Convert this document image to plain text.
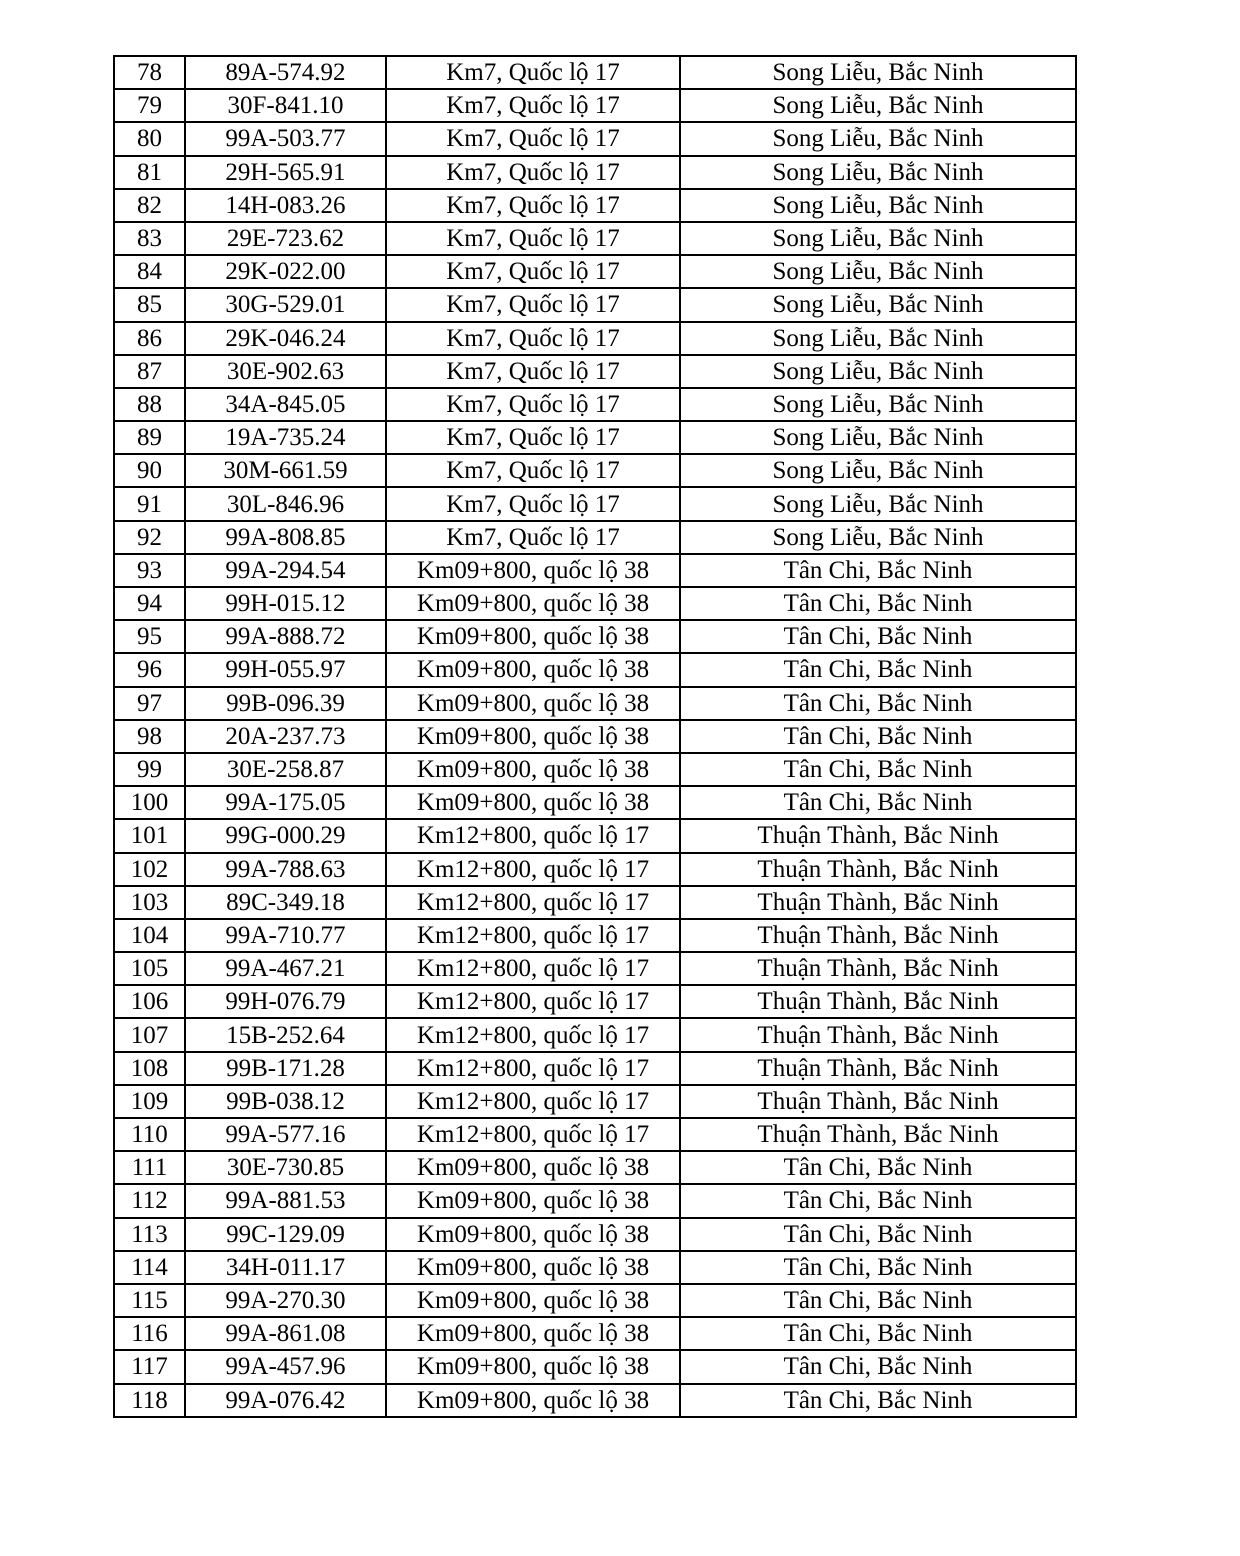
78	89A-574.92	Km7, Quốc lộ 17	Song Liễu, Bắc Ninh
79	30F-841.10	Km7, Quốc lộ 17	Song Liễu, Bắc Ninh
80	99A-503.77	Km7, Quốc lộ 17	Song Liễu, Bắc Ninh
81	29H-565.91	Km7, Quốc lộ 17	Song Liễu, Bắc Ninh
82	14H-083.26	Km7, Quốc lộ 17	Song Liễu, Bắc Ninh
83	29E-723.62	Km7, Quốc lộ 17	Song Liễu, Bắc Ninh
84	29K-022.00	Km7, Quốc lộ 17	Song Liễu, Bắc Ninh
85	30G-529.01	Km7, Quốc lộ 17	Song Liễu, Bắc Ninh
86	29K-046.24	Km7, Quốc lộ 17	Song Liễu, Bắc Ninh
87	30E-902.63	Km7, Quốc lộ 17	Song Liễu, Bắc Ninh
88	34A-845.05	Km7, Quốc lộ 17	Song Liễu, Bắc Ninh
89	19A-735.24	Km7, Quốc lộ 17	Song Liễu, Bắc Ninh
90	30M-661.59	Km7, Quốc lộ 17	Song Liễu, Bắc Ninh
91	30L-846.96	Km7, Quốc lộ 17	Song Liễu, Bắc Ninh
92	99A-808.85	Km7, Quốc lộ 17	Song Liễu, Bắc Ninh
93	99A-294.54	Km09+800, quốc lộ 38	Tân Chi, Bắc Ninh
94	99H-015.12	Km09+800, quốc lộ 38	Tân Chi, Bắc Ninh
95	99A-888.72	Km09+800, quốc lộ 38	Tân Chi, Bắc Ninh
96	99H-055.97	Km09+800, quốc lộ 38	Tân Chi, Bắc Ninh
97	99B-096.39	Km09+800, quốc lộ 38	Tân Chi, Bắc Ninh
98	20A-237.73	Km09+800, quốc lộ 38	Tân Chi, Bắc Ninh
99	30E-258.87	Km09+800, quốc lộ 38	Tân Chi, Bắc Ninh
100	99A-175.05	Km09+800, quốc lộ 38	Tân Chi, Bắc Ninh
101	99G-000.29	Km12+800, quốc lộ 17	Thuận Thành, Bắc Ninh
102	99A-788.63	Km12+800, quốc lộ 17	Thuận Thành, Bắc Ninh
103	89C-349.18	Km12+800, quốc lộ 17	Thuận Thành, Bắc Ninh
104	99A-710.77	Km12+800, quốc lộ 17	Thuận Thành, Bắc Ninh
105	99A-467.21	Km12+800, quốc lộ 17	Thuận Thành, Bắc Ninh
106	99H-076.79	Km12+800, quốc lộ 17	Thuận Thành, Bắc Ninh
107	15B-252.64	Km12+800, quốc lộ 17	Thuận Thành, Bắc Ninh
108	99B-171.28	Km12+800, quốc lộ 17	Thuận Thành, Bắc Ninh
109	99B-038.12	Km12+800, quốc lộ 17	Thuận Thành, Bắc Ninh
110	99A-577.16	Km12+800, quốc lộ 17	Thuận Thành, Bắc Ninh
111	30E-730.85	Km09+800, quốc lộ 38	Tân Chi, Bắc Ninh
112	99A-881.53	Km09+800, quốc lộ 38	Tân Chi, Bắc Ninh
113	99C-129.09	Km09+800, quốc lộ 38	Tân Chi, Bắc Ninh
114	34H-011.17	Km09+800, quốc lộ 38	Tân Chi, Bắc Ninh
115	99A-270.30	Km09+800, quốc lộ 38	Tân Chi, Bắc Ninh
116	99A-861.08	Km09+800, quốc lộ 38	Tân Chi, Bắc Ninh
117	99A-457.96	Km09+800, quốc lộ 38	Tân Chi, Bắc Ninh
118	99A-076.42	Km09+800, quốc lộ 38	Tân Chi, Bắc Ninh
